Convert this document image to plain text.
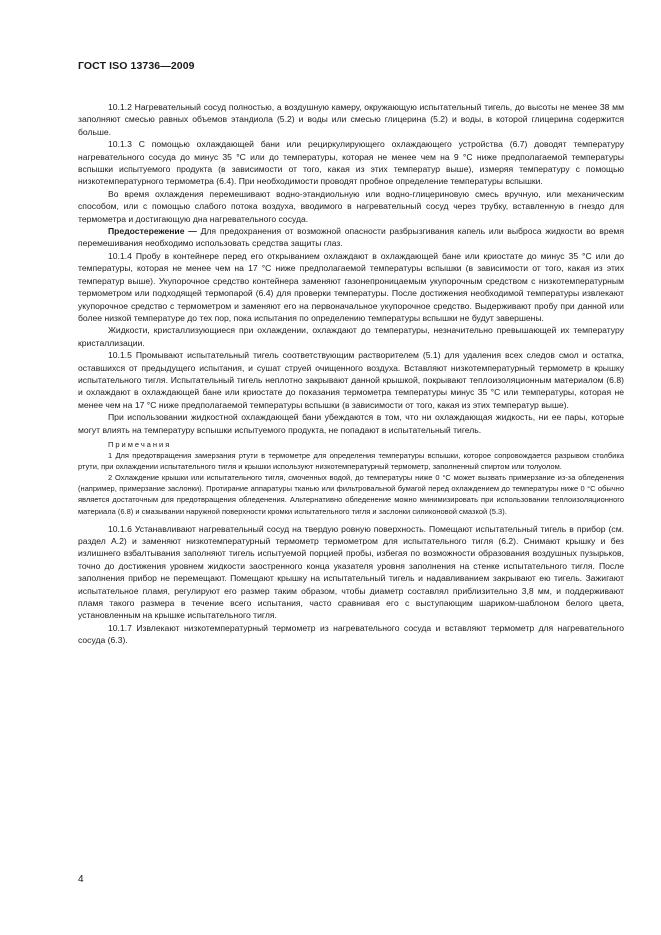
ГОСТ ISO 13736—2009

10.1.2 Нагревательный сосуд полностью, а воздушную камеру, окружающую испытательный тигель, до высоты не менее 38 мм заполняют смесью равных объемов этандиола (5.2) и воды или смесью глицерина (5.2) и воды, в которой глицерина содержится больше.

10.1.3 С помощью охлаждающей бани или рециркулирующего охлаждающего устройства (6.7) доводят температуру нагревательного сосуда до минус 35 °С или до температуры, которая не менее чем на 9 °С ниже предполагаемой температуры вспышки испытуемого продукта (в зависимости от того, какая из этих температур выше), измеряя температуру с помощью низкотемпературного термометра (6.4). При необходимости проводят пробное определение температуры вспышки.

Во время охлаждения перемешивают водно-этандиольную или водно-глицериновую смесь вручную, или механическим способом, или с помощью слабого потока воздуха, вводимого в нагревательный сосуд через трубку, вставленную в гнездо для термометра и достигающую дна нагревательного сосуда.

Предостережение — Для предохранения от возможной опасности разбрызгивания капель или выброса жидкости во время перемешивания необходимо использовать средства защиты глаз.

10.1.4 Пробу в контейнере перед его открыванием охлаждают в охлаждающей бане или криостате до минус 35 °С или до температуры, которая не менее чем на 17 °С ниже предполагаемой температуры вспышки (в зависимости от того, какая из этих температур выше). Укупорочное средство контейнера заменяют газонепроницаемым укупорочным средством с низкотемпературным термометром или подходящей термопарой (6.4) для проверки температуры. После достижения необходимой температуры извлекают укупорочное средство с термометром и заменяют его на первоначальное укупорочное средство. Выдерживают пробу при данной или более низкой температуре до тех пор, пока испытания по определению температуры вспышки не будут завершены.

Жидкости, кристаллизующиеся при охлаждении, охлаждают до температуры, незначительно превышающей их температуру кристаллизации.

10.1.5 Промывают испытательный тигель соответствующим растворителем (5.1) для удаления всех следов смол и остатка, оставшихся от предыдущего испытания, и сушат струей очищенного воздуха. Вставляют низкотемпературный термометр в крышку испытательного тигля. Испытательный тигель неплотно закрывают данной крышкой, покрывают теплоизоляционным материалом (6.8) и охлаждают в охлаждающей бане или криостате до показания термометра температуры минус 35 °С или температуры, которая не менее чем на 17 °С ниже предполагаемой температуры вспышки (в зависимости от того, какая из этих температур выше).

При использовании жидкостной охлаждающей бани убеждаются в том, что ни охлаждающая жидкость, ни ее пары, которые могут влиять на температуру вспышки испытуемого продукта, не попадают в испытательный тигель.

Примечания

1 Для предотвращения замерзания ртути в термометре для определения температуры вспышки, которое сопровождается разрывом столбика ртути, при охлаждении испытательного тигля и крышки используют низкотемпературный термометр, заполненный спиртом или толуолом.

2 Охлаждение крышки или испытательного тигля, смоченных водой, до температуры ниже 0 °С может вызвать примерзание из-за обледенения (например, примерзание заслонки). Протирание аппаратуры тканью или фильтровальной бумагой перед охлаждением до температуры ниже 0 °С обычно является достаточным для предотвращения обледенения. Альтернативно обледенение можно минимизировать при использовании теплоизоляционного материала (6.8) и смазывании наружной поверхности кромки испытательного тигля и заслонки силиконовой смазкой (5.3).

10.1.6 Устанавливают нагревательный сосуд на твердую ровную поверхность. Помещают испытательный тигель в прибор (см. раздел А.2) и заменяют низкотемпературный термометр термометром для испытательного тигля (6.2). Снимают крышку и без излишнего взбалтывания заполняют тигель испытуемой порцией пробы, избегая по возможности образования воздушных пузырьков, точно до достижения уровнем жидкости заостренного конца указателя уровня заполнения на стенке испытательного тигля. После заполнения прибор не перемещают. Помещают крышку на испытательный тигель и надавливанием закрывают ею тигель. Зажигают испытательное пламя, регулируют его размер таким образом, чтобы диаметр составлял приблизительно 3,8 мм, и поддерживают пламя такого размера в течение всего испытания, часто сравнивая его с выступающим шариком-шаблоном белого цвета, установленным на крышке испытательного тигля.

10.1.7 Извлекают низкотемпературный термометр из нагревательного сосуда и вставляют термометр для нагревательного сосуда (6.3).

4
